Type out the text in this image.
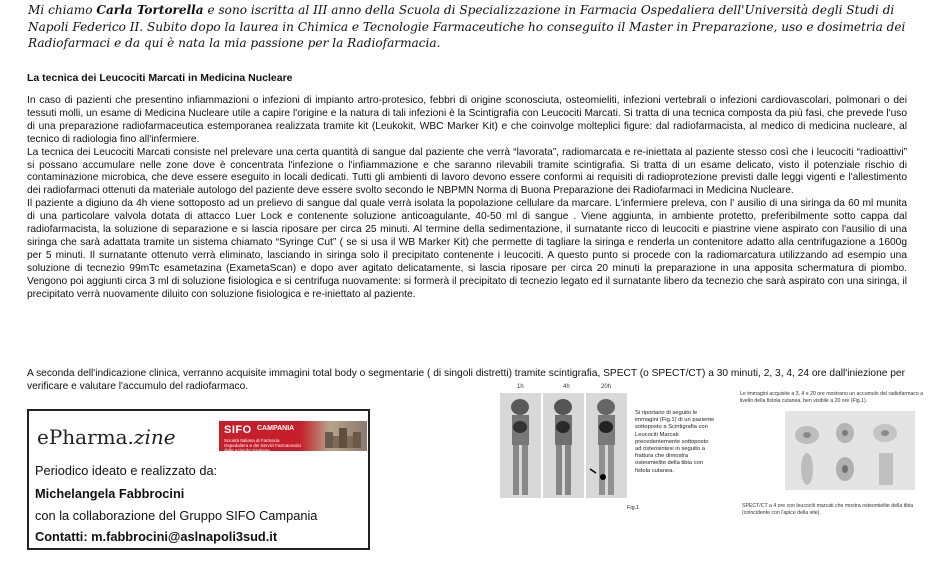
Mi chiamo Carla Tortorella e sono iscritta al III anno della Scuola di Specializzazione in Farmacia Ospedaliera dell'Università degli Studi di Napoli Federico II. Subito dopo la laurea in Chimica e Tecnologie Farmaceutiche ho conseguito il Master in Preparazione, uso e dosimetria dei Radiofarmaci e da qui è nata la mia passione per la Radiofarmacia.
La tecnica dei Leucociti Marcati in Medicina Nucleare

In caso di pazienti che presentino infiammazioni o infezioni di impianto artro-protesico, febbri di origine sconosciuta, osteomieliti, infezioni vertebrali o infezioni cardiovascolari, polmonari o dei tessuti molli, un esame di Medicina Nucleare utile a capire l'origine e la natura di tali infezioni è la Scintigrafia con Leucociti Marcati. Si tratta di una tecnica composta da più fasi, che prevede l'uso di una preparazione radiofarmaceutica estemporanea realizzata tramite kit (Leukokit, WBC Marker Kit) e che coinvolge molteplici figure: dal radiofarmacista, al medico di medicina nucleare, al tecnico di radiologia fino all'infermiere.

La tecnica dei Leucociti Marcati consiste nel prelevare una certa quantità di sangue dal paziente che verrà “lavorata”, radiomarcata e re-iniettata al paziente stesso così che i leucociti “radioattivi” si possano accumulare nelle zone dove è concentrata l'infezione o l'infiammazione e che saranno rilevabili tramite scintigrafia. Si tratta di un esame delicato, visto il potenziale rischio di contaminazione microbica, che deve essere eseguito in locali dedicati. Tutti gli ambienti di lavoro devono essere conformi ai requisiti di radioprotezione previsti dalle leggi vigenti e l'allestimento dei radiofarmaci ottenuti da materiale autologo del paziente deve essere svolto secondo le NBPMN Norma di Buona Preparazione dei Radiofarmaci in Medicina Nucleare.

Il paziente a digiuno da 4h viene sottoposto ad un prelievo di sangue dal quale verrà isolata la popolazione cellulare da marcare. L'infermiere preleva, con l' ausilio di una siringa da 60 ml munita di una particolare valvola dotata di attacco Luer Lock e contenente soluzione anticoagulante, 40-50 ml di sangue . Viene aggiunta, in ambiente protetto, preferibilmente sotto cappa dal radiofarmacista, la soluzione di separazione e si lascia riposare per circa 25 minuti. Al termine della sedimentazione, il surnatante ricco di leucociti e piastrine viene aspirato con l'ausilio di una siringa che sarà adattata tramite un sistema chiamato “Syringe Cut” ( se si usa il WB Marker Kit) che permette di tagliare la siringa e renderla un contenitore adatto alla centrifugazione a 1600g per 5 minuti. Il surnatante ottenuto verrà eliminato, lasciando in siringa solo il precipitato contenente i leucociti. A questo punto si procede con la radiomarcatura utilizzando ad esempio una soluzione di tecnezio 99mTc esametazina (ExametaScan) e dopo aver agitato delicatamente, si lascia riposare per circa 20 minuti la preparazione in una apposita schermatura di piombo. Vengono poi aggiunti circa 3 ml di soluzione fisiologica e si centrifuga nuovamente: si formerà il precipitato di tecnezio legato ed il surnatante libero da tecnezio che sarà aspirato con una siringa, il precipitato verrà nuovamente diluito con soluzione fisiologica e re-iniettato al paziente.

A seconda dell'indicazione clinica, verranno acquisite immagini total body o segmentarie ( di singoli distretti) tramite scintigrafia, SPECT (o SPECT/CT) a 30 minuti, 2, 3, 4, 24 ore dall'iniezione per verificare e valutare l'accumulo del radiofarmaco.
ePharma.zine	SIFO CAMPANIA
Società Italiana di Farmacia Ospedaliera e dei Servizi Farmaceutici delle Aziende Sanitarie
Periodico ideato e realizzato da:
Michelangela Fabbrocini
con la collaborazione del Gruppo SIFO Campania
Contatti: m.fabbrocini@aslnapoli3sud.it
1h	4h	20h
Si riportano di seguito le immagini (Fig.1) di un paziente sottoposto a Scintigrafia con Leucociti Marcati precedentemente sottoposto ad osteosintesi in seguito a frattura che dimostra osteomielite della tibia con fistola cutanea.
Fig.1
Le immagini acquisite a 3, 4 e 20 ore mostrano un accumulo del radiofarmaco a livello della fistola cutanea, ben visibile a 20 ore (Fig.1).
SPECT/CT a 4 ore con leucociti marcati che mostra osteomielite della tibia (coincidente con l'apice della vite).
